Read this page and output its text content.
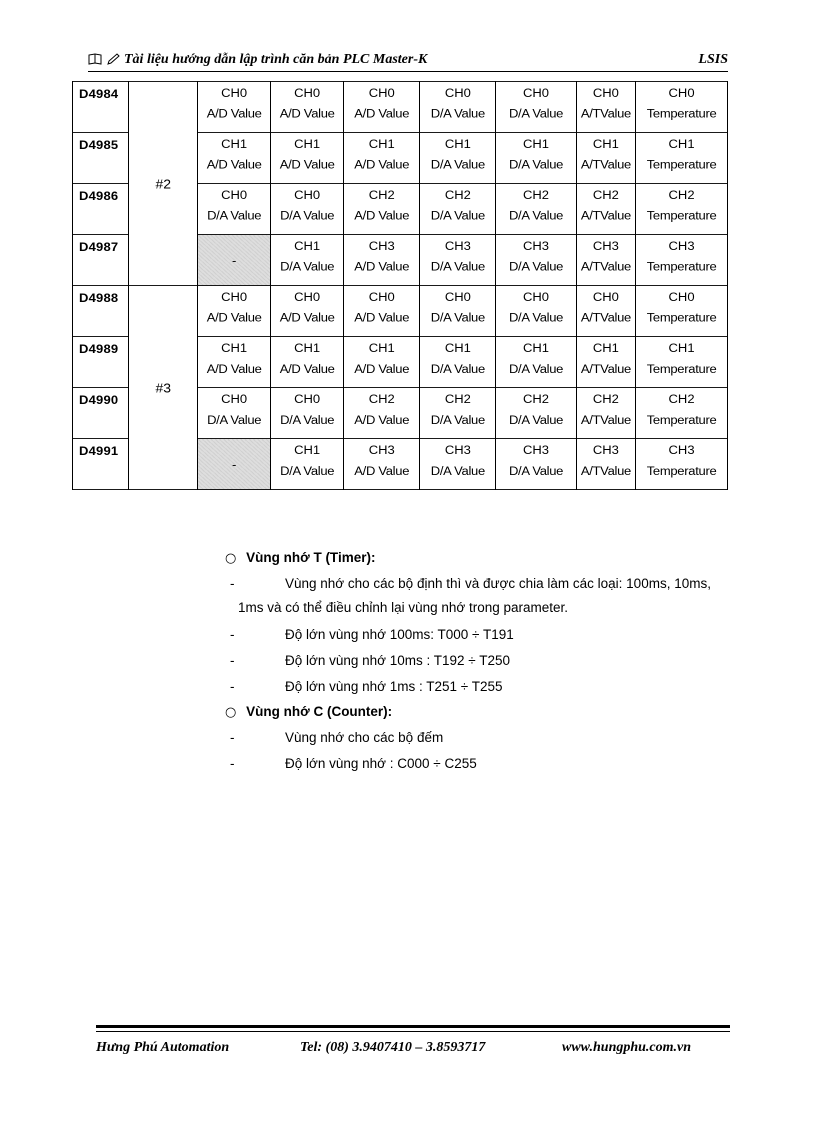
Tài liệu hướng dẫn lập trình căn bản PLC Master-K	LSIS
D4984	#2	CH0
A/D Value	CH0
A/D Value	CH0
A/D Value	CH0
D/A Value	CH0
D/A Value	CH0
A/TValue	CH0
Temperature

D4985		CH1
A/D Value	CH1
A/D Value	CH1
A/D Value	CH1
D/A Value	CH1
D/A Value	CH1
A/TValue	CH1
Temperature

D4986		CH0
D/A Value	CH0
D/A Value	CH2
A/D Value	CH2
D/A Value	CH2
D/A Value	CH2
A/TValue	CH2
Temperature

D4987		-	CH1
D/A Value	CH3
A/D Value	CH3
D/A Value	CH3
D/A Value	CH3
A/TValue	CH3
Temperature

D4988	#3	CH0
A/D Value	CH0
A/D Value	CH0
A/D Value	CH0
D/A Value	CH0
D/A Value	CH0
A/TValue	CH0
Temperature

D4989		CH1
A/D Value	CH1
A/D Value	CH1
A/D Value	CH1
D/A Value	CH1
D/A Value	CH1
A/TValue	CH1
Temperature

D4990		CH0
D/A Value	CH0
D/A Value	CH2
A/D Value	CH2
D/A Value	CH2
D/A Value	CH2
A/TValue	CH2
Temperature

D4991		-	CH1
D/A Value	CH3
A/D Value	CH3
D/A Value	CH3
D/A Value	CH3
A/TValue	CH3
Temperature
○ Vùng nhớ T (Timer):
-	Vùng nhớ cho các bộ định thì và được chia làm các loại: 100ms, 10ms,
1ms và có thể điều chỉnh lại vùng nhớ trong parameter.
-	Độ lớn vùng nhớ 100ms: T000 ÷ T191
-	Độ lớn vùng nhớ 10ms : T192 ÷ T250
-	Độ lớn vùng nhớ 1ms : T251 ÷ T255
○ Vùng nhớ C (Counter):
-	Vùng nhớ cho các bộ đếm
-	Độ lớn vùng nhớ : C000 ÷ C255
Hưng Phú Automation	Tel: (08) 3.9407410 – 3.8593717	www.hungphu.com.vn
